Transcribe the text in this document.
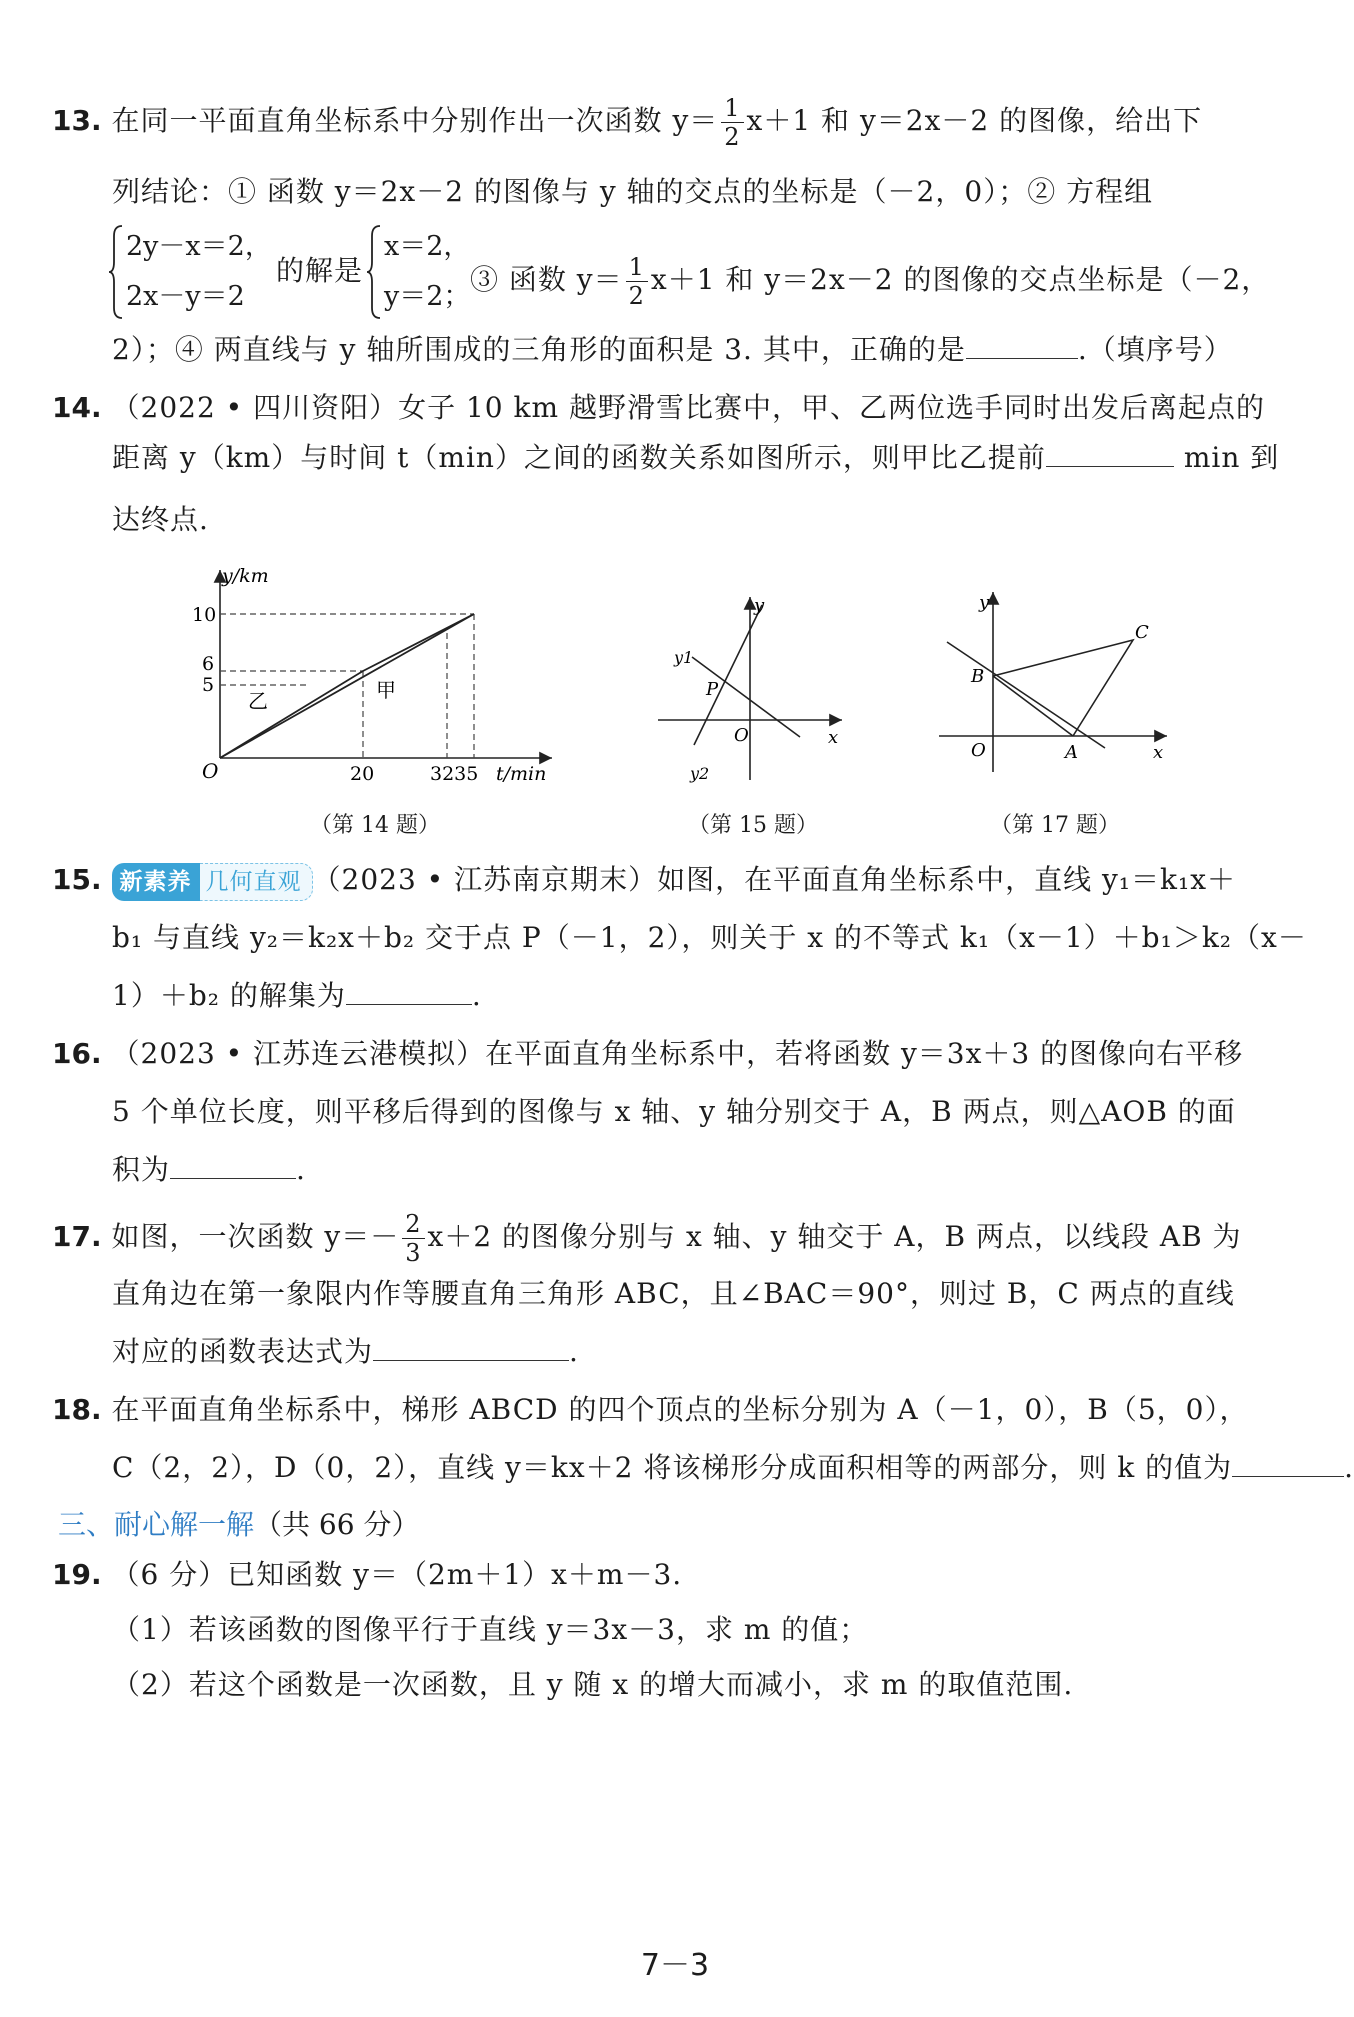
13. 在同一平面直角坐标系中分别作出一次函数 $y= \frac{1}{2} x+1$ 和 y＝2x－2 的图像，给出下
列结论：① 函数 y＝2x－2 的图像与 y 轴的交点的坐标是（－2，0）；② 方程组
2y－x＝2，
2x－y＝2
的解是
x＝2，
y＝2；
③ 函数 $y= \frac{1}{2} x+1$ 和 y＝2x－2 的图像的交点坐标是（－2，
2）；④ 两直线与 y 轴所围成的三角形的面积是 3. 其中，正确的是	.（填序号）
14. （2022 • 四川资阳）女子 10 km 越野滑雪比赛中，甲、乙两位选手同时出发后离起点的
距离 y（km）与时间 t（min）之间的函数关系如图所示，则甲比乙提前	min 到
达终点.
y/km
t/min
O
10
6
5
20	3235
乙	甲
（第 14 题）
y
x
O
P
y1
y2
（第 15 题）
y
x
O
B
A
C
（第 17 题）
15. 新素养 几何直观 （2023 • 江苏南京期末）如图，在平面直角坐标系中，直线 y₁＝k₁x＋
b₁ 与直线 y₂＝k₂x＋b₂ 交于点 P（－1，2），则关于 x 的不等式 k₁（x－1）＋b₁＞k₂（x－
1）＋b₂ 的解集为	.
16. （2023 • 江苏连云港模拟）在平面直角坐标系中，若将函数 y＝3x＋3 的图像向右平移
5 个单位长度，则平移后得到的图像与 x 轴、y 轴分别交于 A，B 两点，则△AOB 的面
积为	.
17. 如图，一次函数 $y=- \frac{2}{3} x+2$ 的图像分别与 x 轴、y 轴交于 A，B 两点，以线段 AB 为
直角边在第一象限内作等腰直角三角形 ABC，且∠BAC＝90°，则过 B，C 两点的直线
对应的函数表达式为	.
18. 在平面直角坐标系中，梯形 ABCD 的四个顶点的坐标分别为 A（－1，0），B（5，0），
C（2，2），D（0，2），直线 y＝kx＋2 将该梯形分成面积相等的两部分，则 k 的值为	.
三、耐心解一解（共 66 分）
19. （6 分）已知函数 y＝（2m＋1）x＋m－3.
（1）若该函数的图像平行于直线 y＝3x－3，求 m 的值；
（2）若这个函数是一次函数，且 y 随 x 的增大而减小，求 m 的取值范围.
7－3
